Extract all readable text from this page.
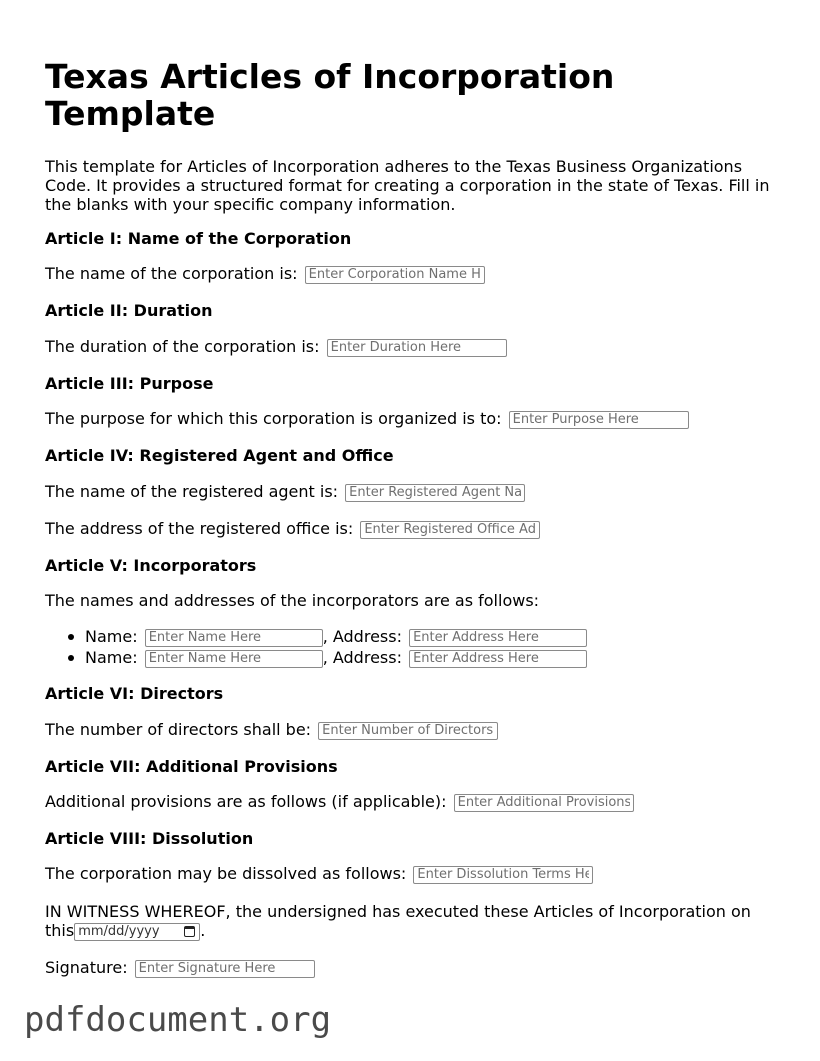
Texas Articles of Incorporation Template

This template for Articles of Incorporation adheres to the Texas Business Organizations Code. It provides a structured format for creating a corporation in the state of Texas. Fill in the blanks with your specific company information.

Article I: Name of the Corporation
The name of the corporation is: Enter Corporation Name Here
Article II: Duration
The duration of the corporation is: Enter Duration Here
Article III: Purpose
The purpose for which this corporation is organized is to: Enter Purpose Here
Article IV: Registered Agent and Office
The name of the registered agent is: Enter Registered Agent Name Here
The address of the registered office is: Enter Registered Office Address Here
Article V: Incorporators
The names and addresses of the incorporators are as follows:
Name: Enter Name Here	, Address: Enter Address Here
Name: Enter Name Here	, Address: Enter Address Here
Article VI: Directors
The number of directors shall be: Enter Number of Directors
Article VII: Additional Provisions
Additional provisions are as follows (if applicable): Enter Additional Provisions
Article VIII: Dissolution
The corporation may be dissolved as follows: Enter Dissolution Terms Here
IN WITNESS WHEREOF, the undersigned has executed these Articles of Incorporation on
this mm/dd/yyyy	.
Signature: Enter Signature Here
pdfdocument.org
